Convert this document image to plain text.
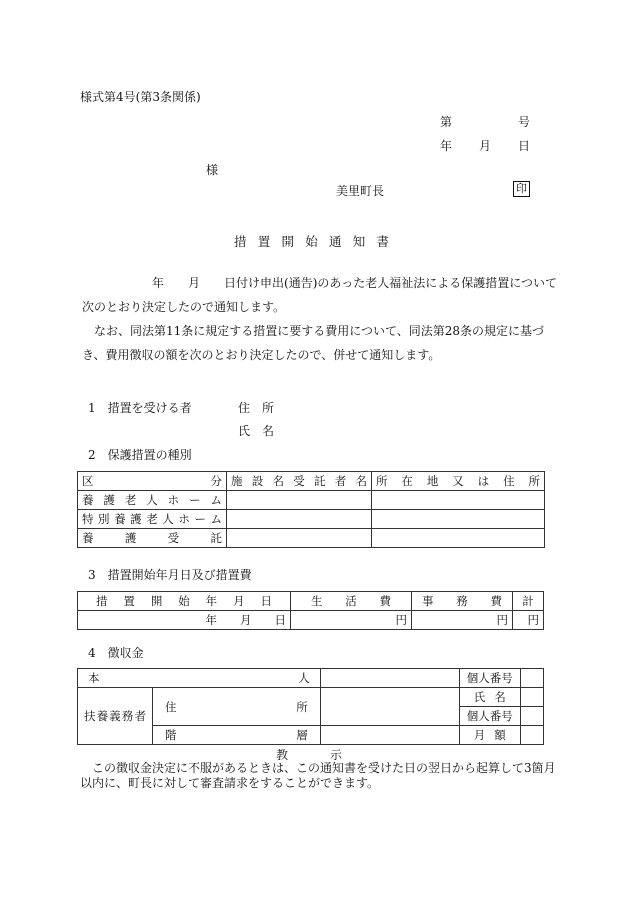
様式第4号(第3条関係)
第	号
年 月 日
様
美里町長	印
措置開始通知書
年　　月　　日付け申出(通告)のあった老人福祉法による保護措置について次のとおり決定したので通知します。
なお、同法第11条に規定する措置に要する費用について、同法第28条の規定に基づき、費用徴収の額を次のとおり決定したので、併せて通知します。
1　措置を受ける者	住　所
氏　名
2　保護措置の種別
区分	施設名受託者名	所在地又は住所
養護老人ホーム		
特別養護老人ホーム		
養護受託		
3　措置開始年月日及び措置費
措置開始年月日	生活費	事務費	計
年　　月　　日	円	円	円
4　徴収金
本人			個人番号	
扶養義務者	住所		氏名	
			個人番号	
	階層		月額	
教示
この徴収金決定に不服があるときは、この通知書を受けた日の翌日から起算して3箇月以内に、町長に対して審査請求をすることができます。
